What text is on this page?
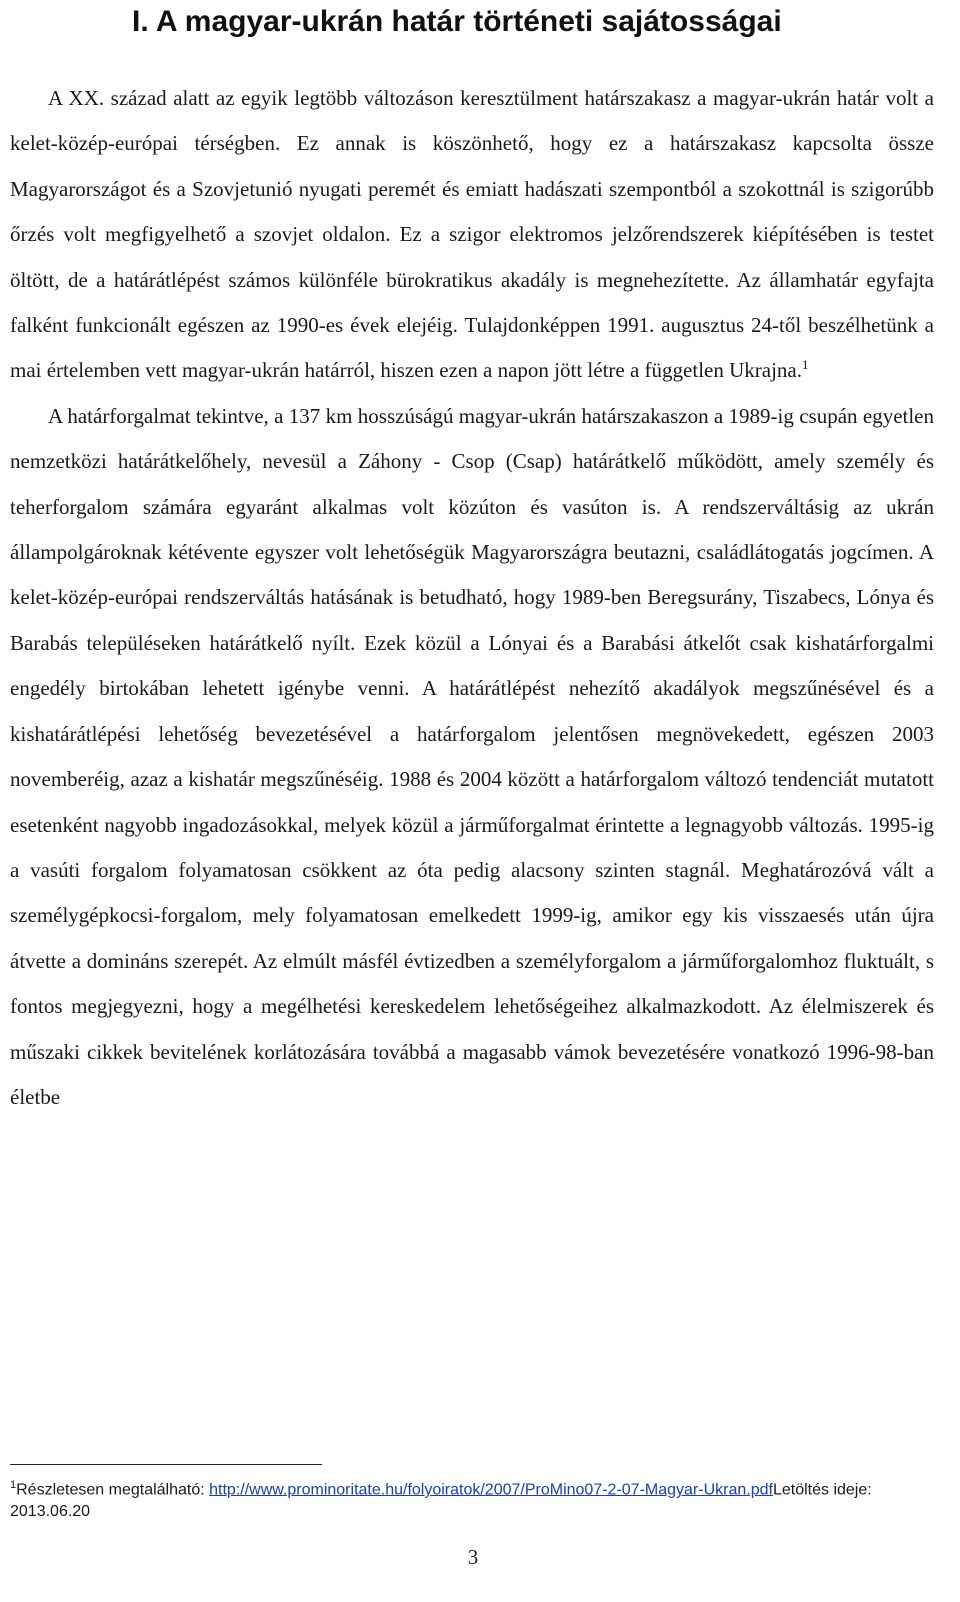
I. A magyar-ukrán határ történeti sajátosságai

A XX. század alatt az egyik legtöbb változáson keresztülment határszakasz a magyar-ukrán határ volt a kelet-közép-európai térségben. Ez annak is köszönhető, hogy ez a határszakasz kapcsolta össze Magyarországot és a Szovjetunió nyugati peremét és emiatt hadászati szempontból a szokottnál is szigorúbb őrzés volt megfigyelhető a szovjet oldalon. Ez a szigor elektromos jelzőrendszerek kiépítésében is testet öltött, de a határátlépést számos különféle bürokratikus akadály is megnehezítette. Az államhatár egyfajta falként funkcionált egészen az 1990-es évek elejéig. Tulajdonképpen 1991. augusztus 24-től beszélhetünk a mai értelemben vett magyar-ukrán határról, hiszen ezen a napon jött létre a független Ukrajna.$^1$

A határforgalmat tekintve, a 137 km hosszúságú magyar-ukrán határszakaszon a 1989-ig csupán egyetlen nemzetközi határátkelőhely, nevesül a Záhony - Csop (Csap) határátkelő működött, amely személy és teherforgalom számára egyaránt alkalmas volt közúton és vasúton is. A rendszerváltásig az ukrán állampolgároknak kétévente egyszer volt lehetőségük Magyarországra beutazni, családlátogatás jogcímen. A kelet-közép-európai rendszerváltás hatásának is betudható, hogy 1989-ben Beregsurány, Tiszabecs, Lónya és Barabás településeken határátkelő nyílt. Ezek közül a Lónyai és a Barabási átkelőt csak kishatárforgalmi engedély birtokában lehetett igénybe venni. A határátlépést nehezítő akadályok megszűnésével és a kishatárátlépési lehetőség bevezetésével a határforgalom jelentősen megnövekedett, egészen 2003 novemberéig, azaz a kishatár megszűnéséig. 1988 és 2004 között a határforgalom változó tendenciát mutatott esetenként nagyobb ingadozásokkal, melyek közül a járműforgalmat érintette a legnagyobb változás. 1995-ig a vasúti forgalom folyamatosan csökkent az óta pedig alacsony szinten stagnál. Meghatározóvá vált a személygépkocsi-forgalom, mely folyamatosan emelkedett 1999-ig, amikor egy kis visszaesés után újra átvette a domináns szerepét. Az elmúlt másfél évtizedben a személyforgalom a járműforgalomhoz fluktuált, s fontos megjegyezni, hogy a megélhetési kereskedelem lehetőségeihez alkalmazkodott. Az élelmiszerek és műszaki cikkek bevitelének korlátozására továbbá a magasabb vámok bevezetésére vonatkozó 1996-98-ban életbe

$^1$Részletesen megtalálható: http://www.prominoritate.hu/folyoiratok/2007/ProMino07-2-07-Magyar-Ukran.pdfLetöltés ideje: 2013.06.20
3
